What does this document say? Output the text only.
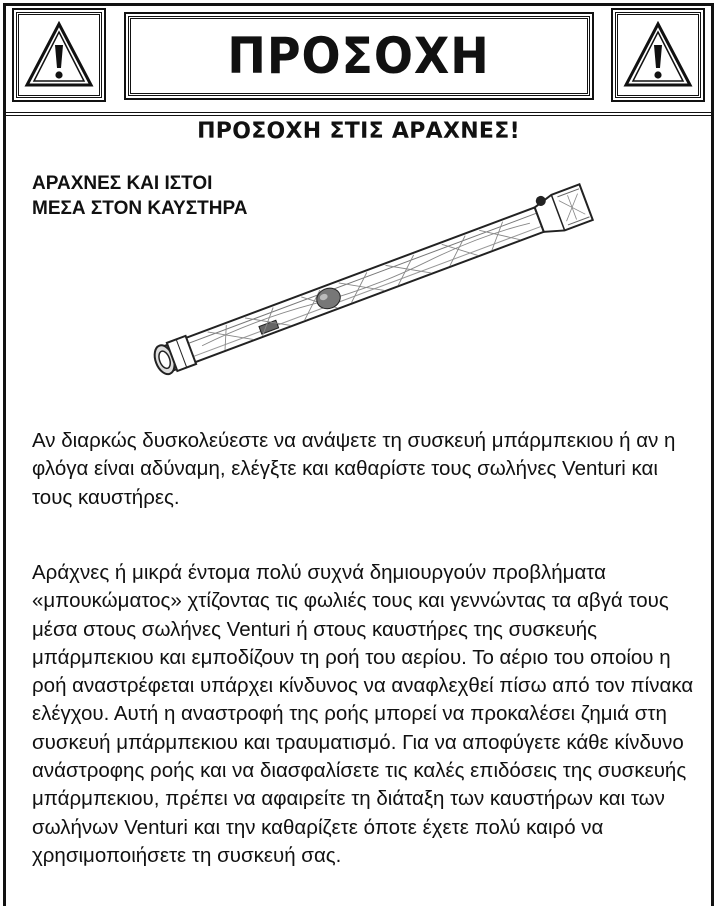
ΠΡΟΣΟΧΗ
ΠΡΟΣΟΧΗ ΣΤΙΣ ΑΡΑΧΝΕΣ!
ΑΡΑΧΝΕΣ ΚΑΙ ΙΣΤΟΙ
ΜΕΣΑ ΣΤΟΝ ΚΑΥΣΤΗΡΑ
Αν διαρκώς δυσκολεύεστε να ανάψετε τη συσκευή μπάρμπεκιου ή αν η φλόγα είναι αδύναμη, ελέγξτε και καθαρίστε τους σωλήνες Venturi και τους καυστήρες.
Αράχνες ή μικρά έντομα πολύ συχνά δημιουργούν προβλήματα «μπουκώματος» χτίζοντας τις φωλιές τους και γεννώντας τα αβγά τους μέσα στους σωλήνες Venturi ή στους καυστήρες της συσκευής μπάρμπεκιου και εμποδίζουν τη ροή του αερίου. Το αέριο του οποίου η ροή αναστρέφεται υπάρχει κίνδυνος να αναφλεχθεί πίσω από τον πίνακα ελέγχου. Αυτή η αναστροφή της ροής μπορεί να προκαλέσει ζημιά στη συσκευή μπάρμπεκιου και τραυματισμό. Για να αποφύγετε κάθε κίνδυνο ανάστροφης ροής και να διασφαλίσετε τις καλές επιδόσεις της συσκευής μπάρμπεκιου, πρέπει να αφαιρείτε τη διάταξη των καυστήρων και των σωλήνων Venturi και την καθαρίζετε όποτε έχετε πολύ καιρό να χρησιμοποιήσετε τη συσκευή σας.
